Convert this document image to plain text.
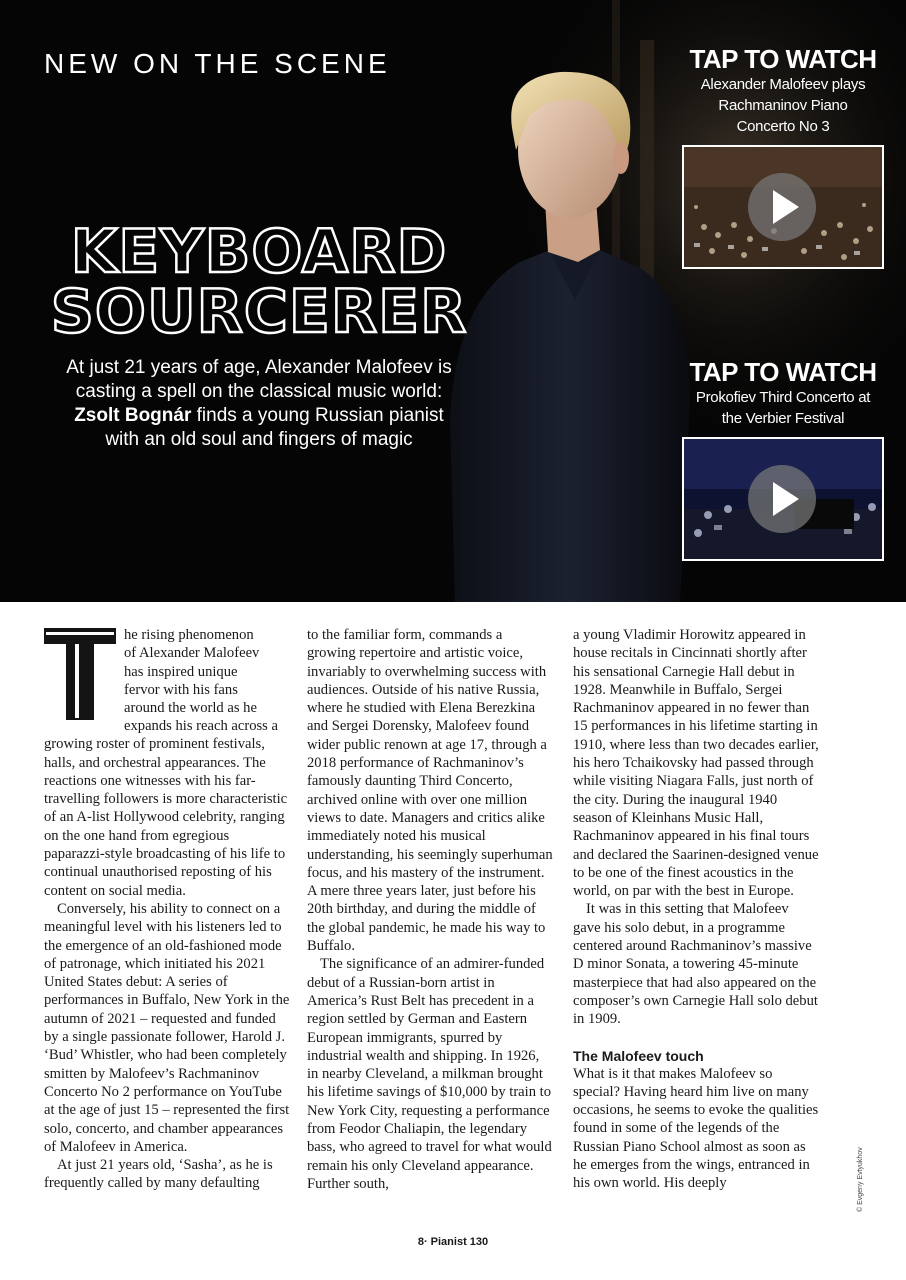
NEW ON THE SCENE
KEYBOARD
SOURCERER
At just 21 years of age, Alexander Malofeev is casting a spell on the classical music world: Zsolt Bognár finds a young Russian pianist with an old soul and fingers of magic
TAP TO WATCH
Alexander Malofeev plays
Rachmaninov Piano
Concerto No 3
TAP TO WATCH
Prokofiev Third Concerto at
the Verbier Festival
he rising phenomenon
of Alexander Malofeev
has inspired unique
fervor with his fans
around the world as he

expands his reach across a growing roster of prominent festivals, halls, and orchestral appearances. The reactions one witnesses with his far-travelling followers is more characteristic of an A-list Hollywood celebrity, ranging on the one hand from egregious paparazzi-style broadcasting of his life to continual unauthorised reposting of his content on social media.

Conversely, his ability to connect on a meaningful level with his listeners led to the emergence of an old-fashioned mode of patronage, which initiated his 2021 United States debut: A series of performances in Buffalo, New York in the autumn of 2021 – requested and funded by a single passionate follower, Harold J. ‘Bud’ Whistler, who had been completely smitten by Malofeev’s Rachmaninov Concerto No 2 performance on YouTube at the age of just 15 – represented the first solo, concerto, and chamber appearances of Malofeev in America.

At just 21 years old, ‘Sasha’, as he is frequently called by many defaulting

to the familiar form, commands a growing repertoire and artistic voice, invariably to overwhelming success with audiences. Outside of his native Russia, where he studied with Elena Berezkina and Sergei Dorensky, Malofeev found wider public renown at age 17, through a 2018 performance of Rachmaninov’s famously daunting Third Concerto, archived online with over one million views to date. Managers and critics alike immediately noted his musical understanding, his seemingly superhuman focus, and his mastery of the instrument. A mere three years later, just before his 20th birthday, and during the middle of the global pandemic, he made his way to Buffalo.

The significance of an admirer-funded debut of a Russian-born artist in America’s Rust Belt has precedent in a region settled by German and Eastern European immigrants, spurred by industrial wealth and shipping. In 1926, in nearby Cleveland, a milkman brought his lifetime savings of $10,000 by train to New York City, requesting a performance from Feodor Chaliapin, the legendary bass, who agreed to travel for what would remain his only Cleveland appearance. Further south,

a young Vladimir Horowitz appeared in house recitals in Cincinnati shortly after his sensational Carnegie Hall debut in 1928. Meanwhile in Buffalo, Sergei Rachmaninov appeared in no fewer than 15 performances in his lifetime starting in 1910, where less than two decades earlier, his hero Tchaikovsky had passed through while visiting Niagara Falls, just north of the city. During the inaugural 1940 season of Kleinhans Music Hall, Rachmaninov appeared in his final tours and declared the Saarinen-designed venue to be one of the finest acoustics in the world, on par with the best in Europe.

It was in this setting that Malofeev gave his solo debut, in a programme centered around Rachmaninov’s massive D minor Sonata, a towering 45-minute masterpiece that had also appeared on the composer’s own Carnegie Hall solo debut in 1909.

The Malofeev touch

What is it that makes Malofeev so special? Having heard him live on many occasions, he seems to evoke the qualities found in some of the legends of the Russian Piano School almost as soon as he emerges from the wings, entranced in his own world. His deeply	© Evgeny Evtyukhov
8· Pianist 130
